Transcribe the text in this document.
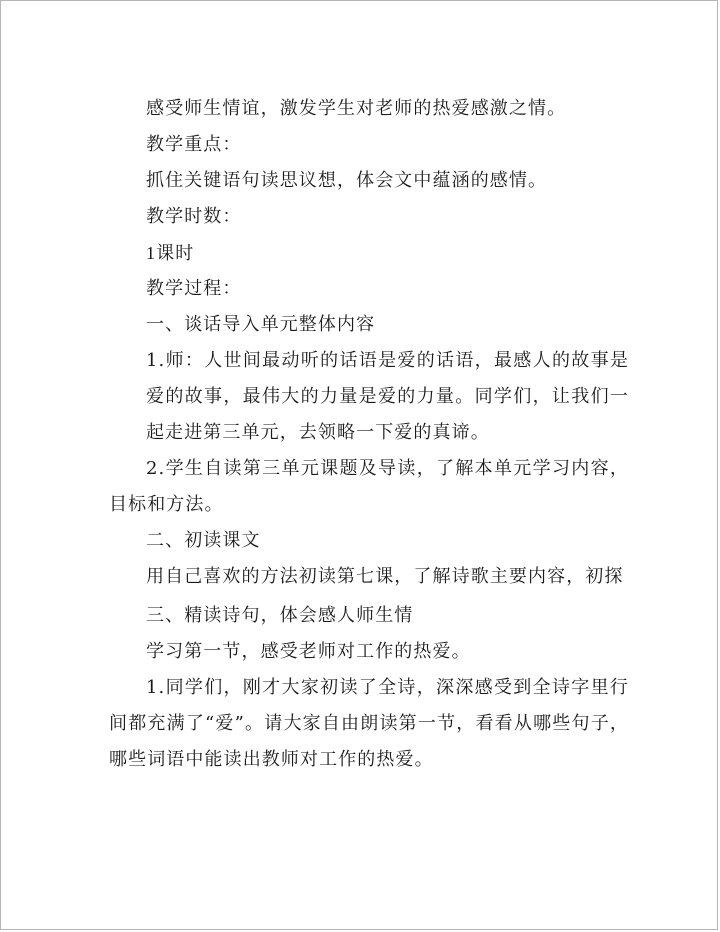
感受师生情谊，激发学生对老师的热爱感激之情。
教学重点：
抓住关键语句读思议想，体会文中蕴涵的感情。
教学时数：
1课时
教学过程：
一、谈话导入单元整体内容
1.师：人世间最动听的话语是爱的话语，最感人的故事是爱的故事，最伟大的力量是爱的力量。同学们，让我们一起走进第三单元，去领略一下爱的真谛。
2.学生自读第三单元课题及导读，了解本单元学习内容，目标和方法。
二、初读课文
用自己喜欢的方法初读第七课，了解诗歌主要内容，初探
三、精读诗句，体会感人师生情
学习第一节，感受老师对工作的热爱。
1.同学们，刚才大家初读了全诗，深深感受到全诗字里行间都充满了“爱”。请大家自由朗读第一节，看看从哪些句子，哪些词语中能读出教师对工作的热爱。
